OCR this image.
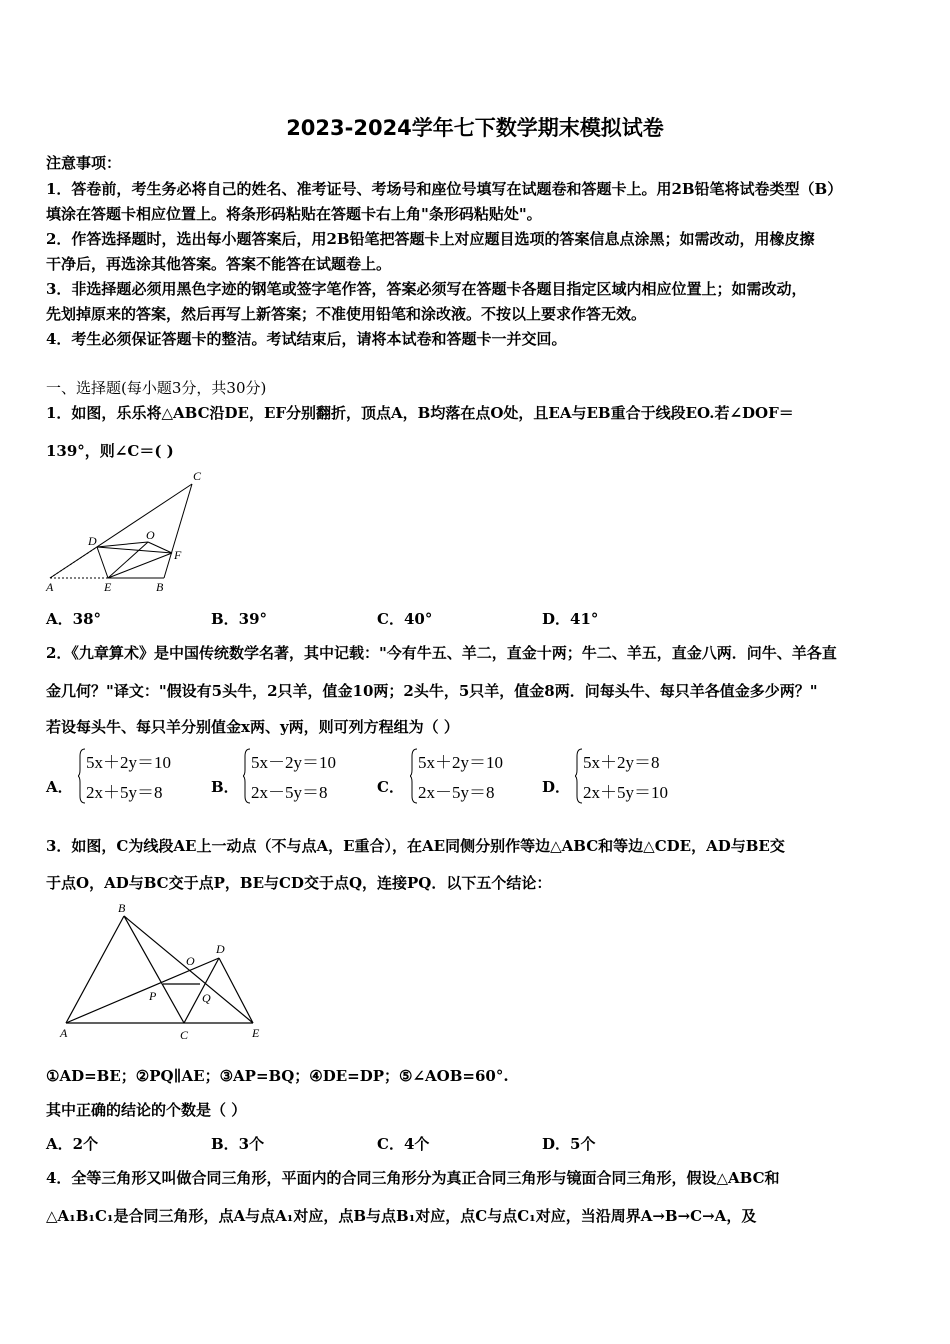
2023-2024学年七下数学期末模拟试卷
注意事项：
1．答卷前，考生务必将自己的姓名、准考证号、考场号和座位号填写在试题卷和答题卡上。用2B铅笔将试卷类型（B）
填涂在答题卡相应位置上。将条形码粘贴在答题卡右上角"条形码粘贴处"。
2．作答选择题时，选出每小题答案后，用2B铅笔把答题卡上对应题目选项的答案信息点涂黑；如需改动，用橡皮擦
干净后，再选涂其他答案。答案不能答在试题卷上。
3．非选择题必须用黑色字迹的钢笔或签字笔作答，答案必须写在答题卡各题目指定区域内相应位置上；如需改动，
先划掉原来的答案，然后再写上新答案；不准使用铅笔和涂改液。不按以上要求作答无效。
4．考生必须保证答题卡的整洁。考试结束后，请将本试卷和答题卡一并交回。
一、选择题(每小题3分，共30分)
1．如图，乐乐将△ABC沿DE，EF分别翻折，顶点A，B均落在点O处，且EA与EB重合于线段EO.若∠DOF＝
139°，则∠C＝( )
C
D	O
F
A	E	B
A．38°	B．39°	C．40°	D．41°
2．《九章算术》是中国传统数学名著，其中记载："今有牛五、羊二，直金十两；牛二、羊五，直金八两．问牛、羊各直
金几何？"译文："假设有5头牛，2只羊，值金10两；2头牛，5只羊，值金8两．问每头牛、每只羊各值金多少两？"
若设每头牛、每只羊分别值金x两、y两，则可列方程组为（ ）
A．
5x＋2y＝10
2x＋5y＝8	B．
5x－2y＝10
2x－5y＝8	C．
5x＋2y＝10
2x－5y＝8	D．
5x＋2y＝8
2x＋5y＝10
3．如图，C为线段AE上一动点（不与点A，E重合），在AE同侧分别作等边△ABC和等边△CDE，AD与BE交
于点O，AD与BC交于点P，BE与CD交于点Q，连接PQ．以下五个结论：
B
D
O
P	Q
A	C	E
①AD=BE；②PQ∥AE；③AP=BQ；④DE=DP；⑤∠AOB=60°.
其中正确的结论的个数是（ ）
A．2个	B．3个	C．4个	D．5个
4．全等三角形又叫做合同三角形，平面内的合同三角形分为真正合同三角形与镜面合同三角形，假设△ABC和
△A₁B₁C₁是合同三角形，点A与点A₁对应，点B与点B₁对应，点C与点C₁对应，当沿周界A→B→C→A，及
